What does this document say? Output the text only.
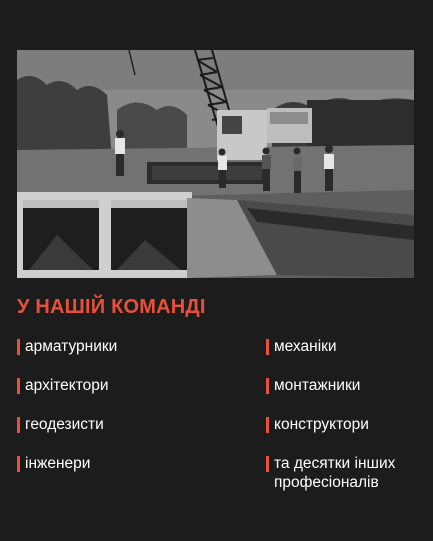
У НАШІЙ КОМАНДІ
арматурники
архітектори
геодезисти
інженери
механіки
монтажники
конструктори
та десятки інших професіоналів
